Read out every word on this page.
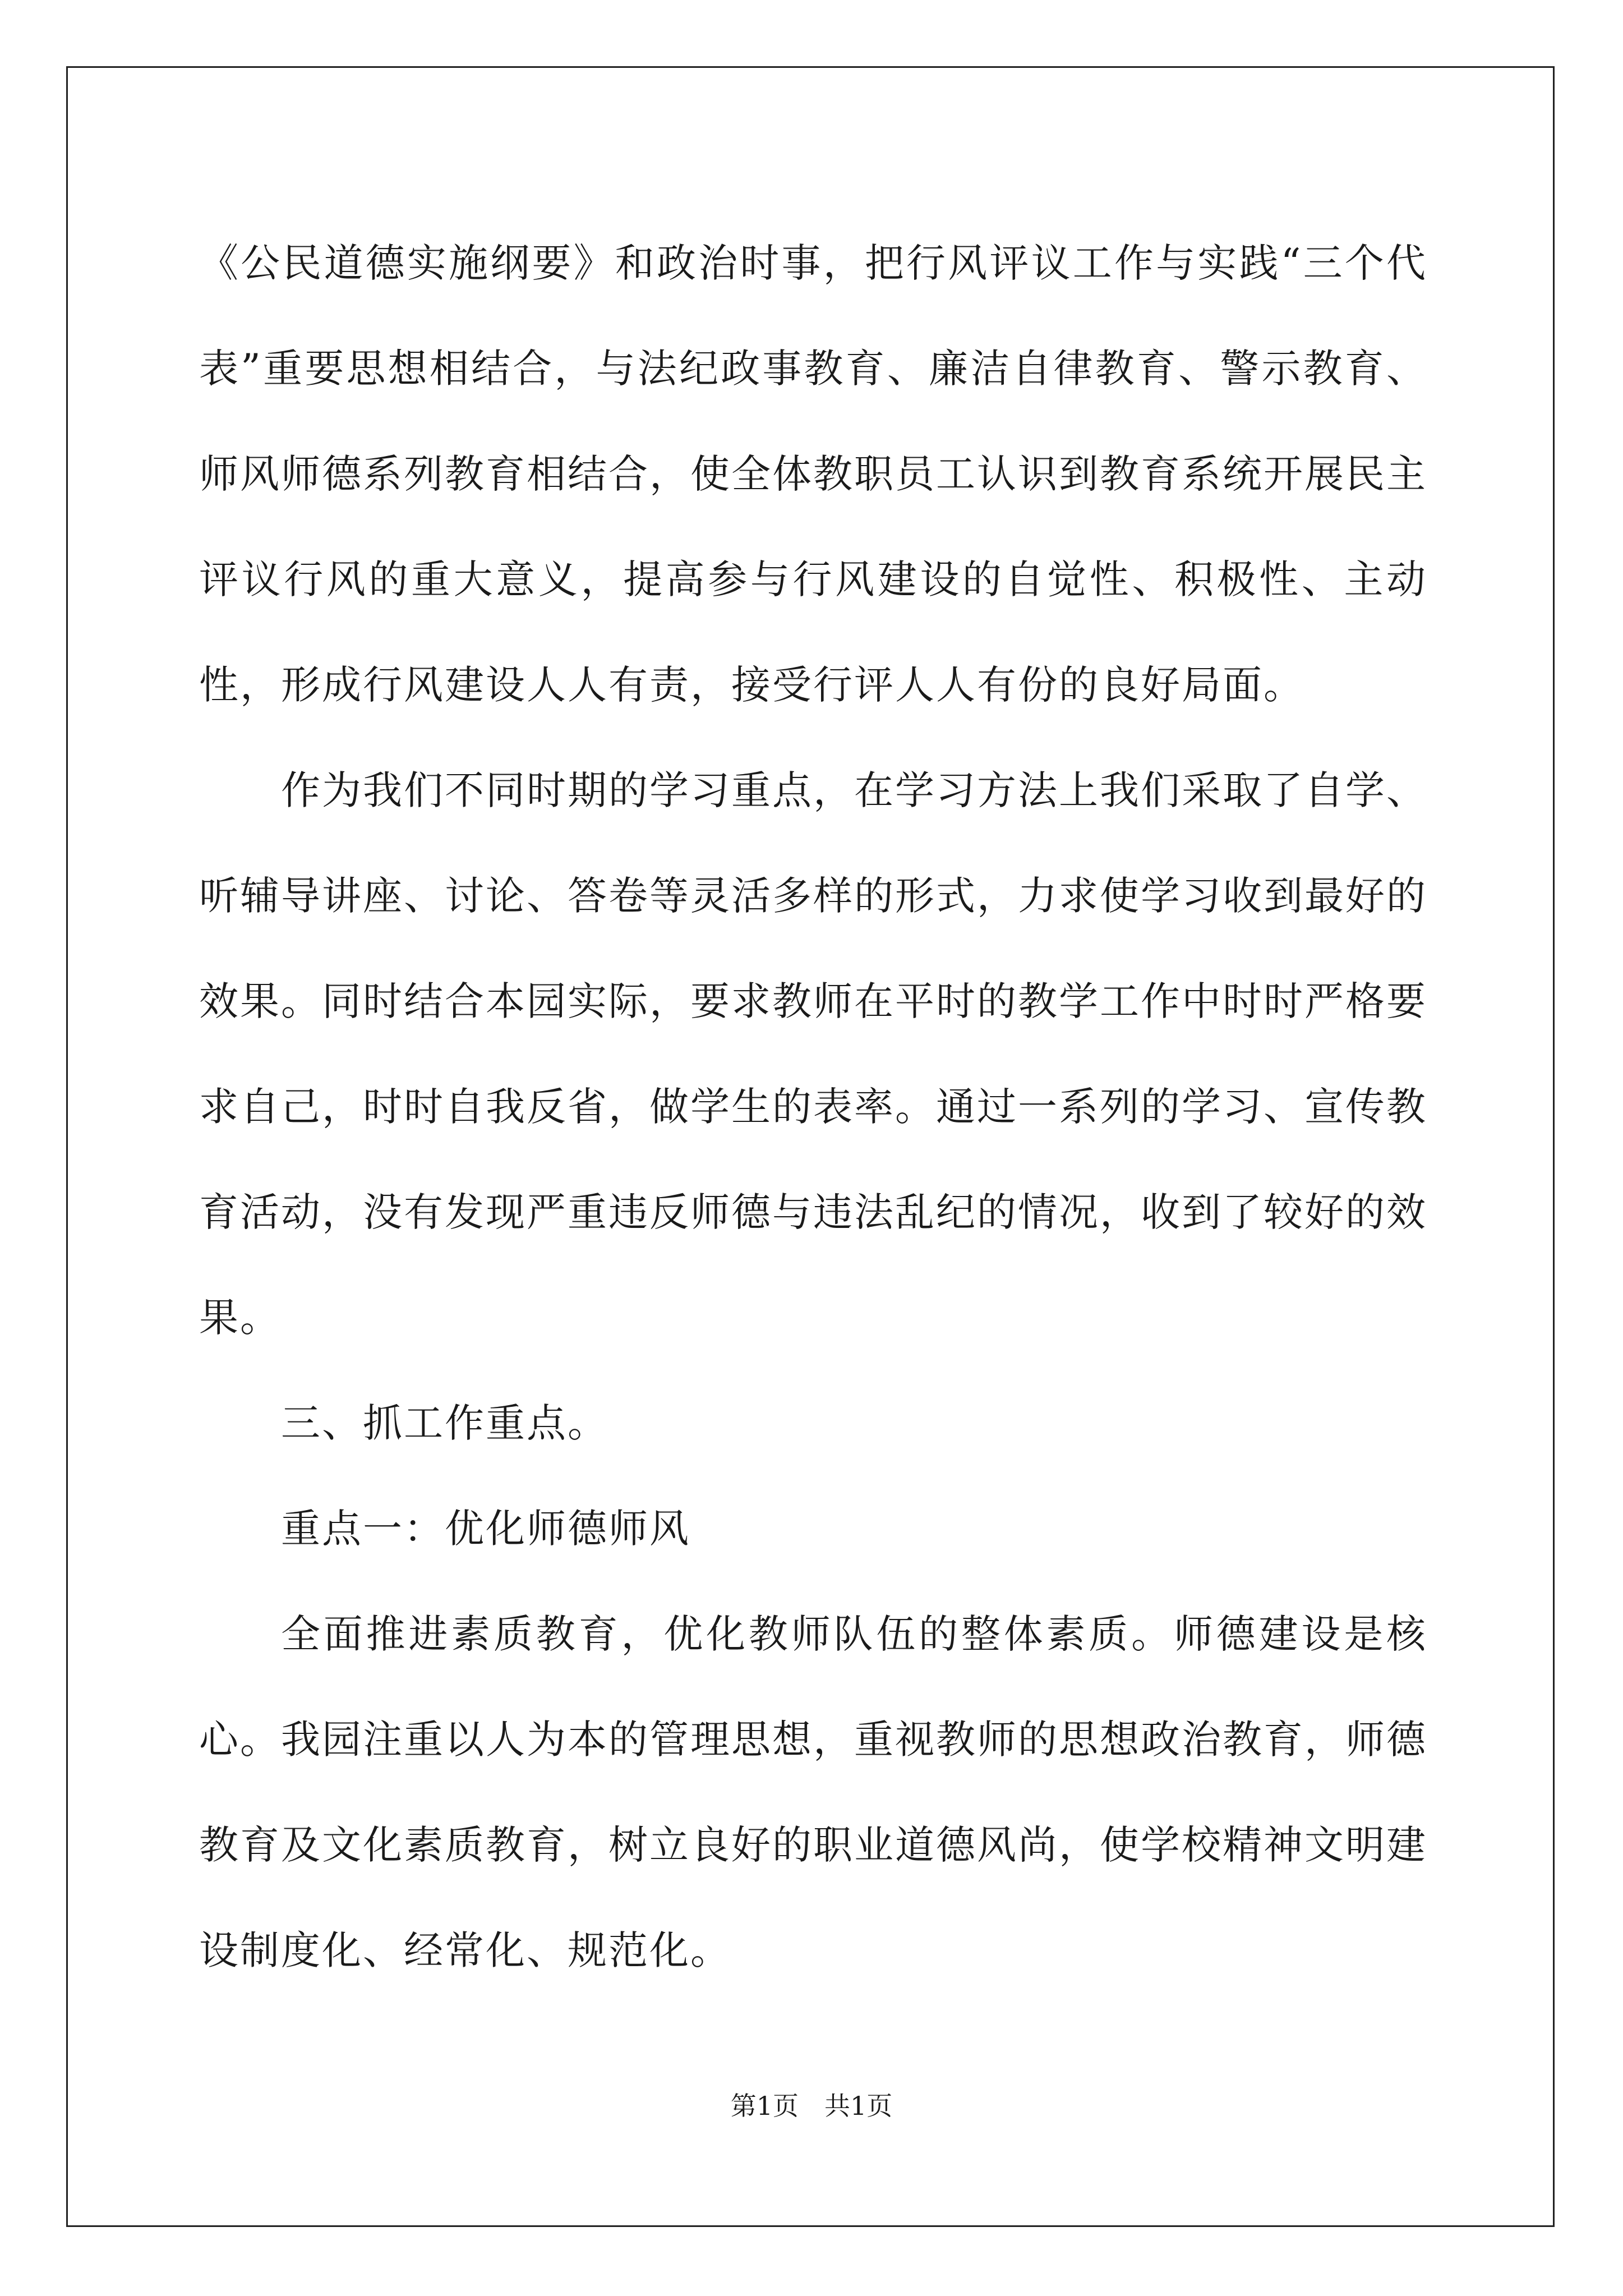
《公民道德实施纲要》和政治时事，把行风评议工作与实践“三个代表”重要思想相结合，与法纪政事教育、廉洁自律教育、警示教育、师风师德系列教育相结合，使全体教职员工认识到教育系统开展民主评议行风的重大意义，提高参与行风建设的自觉性、积极性、主动性，形成行风建设人人有责，接受行评人人有份的良好局面。

作为我们不同时期的学习重点，在学习方法上我们采取了自学、听辅导讲座、讨论、答卷等灵活多样的形式，力求使学习收到最好的效果。同时结合本园实际，要求教师在平时的教学工作中时时严格要求自己，时时自我反省，做学生的表率。通过一系列的学习、宣传教育活动，没有发现严重违反师德与违法乱纪的情况，收到了较好的效果。

三、抓工作重点。

重点一：优化师德师风

全面推进素质教育，优化教师队伍的整体素质。师德建设是核心。我园注重以人为本的管理思想，重视教师的思想政治教育，师德教育及文化素质教育，树立良好的职业道德风尚，使学校精神文明建设制度化、经常化、规范化。

第1页　共1页
